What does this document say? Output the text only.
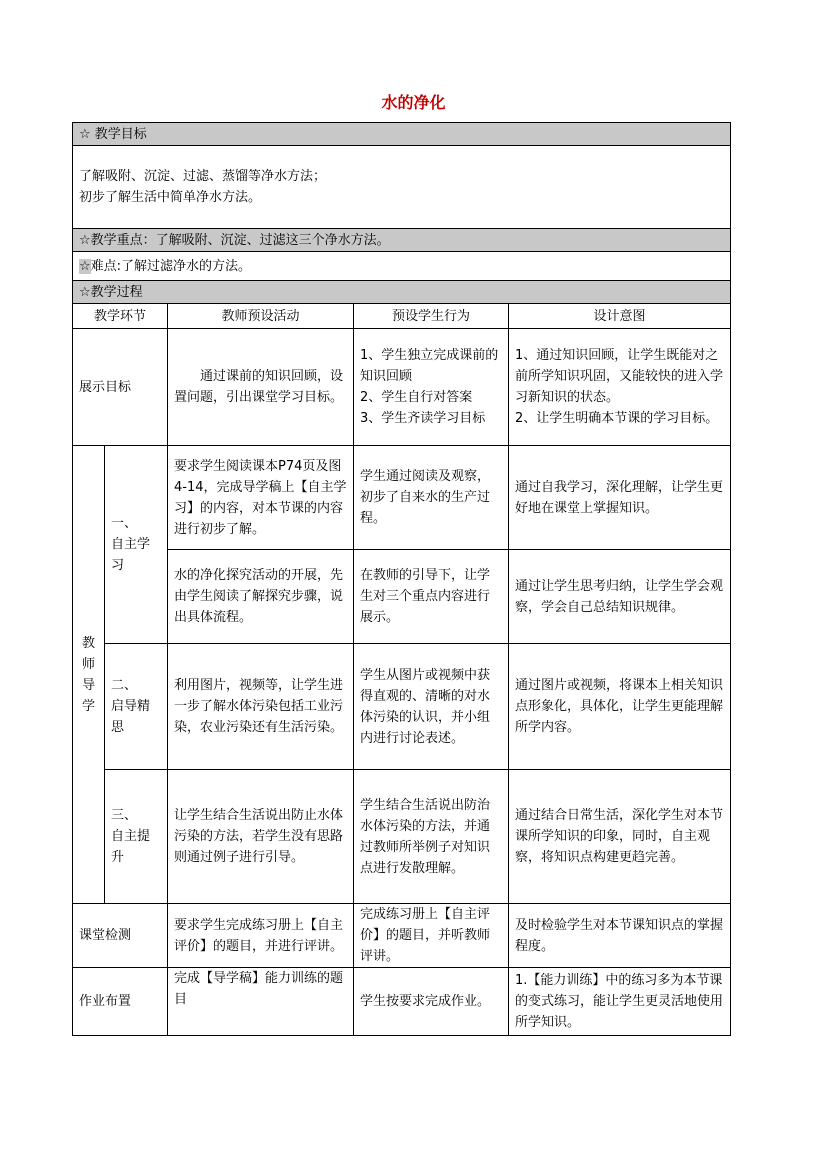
水的净化
☆ 教学目标				

了解吸附、沉淀、过滤、蒸馏等净水方法；
初步了解生活中简单净水方法。				

☆教学重点：了解吸附、沉淀、过滤这三个净水方法。				
☆难点:了解过滤净水的方法。				
☆教学过程				
教学环节		教师预设活动	预设学生行为	设计意图
展示目标		通过课前的知识回顾，设置问题，引出课堂学习目标。	1、学生独立完成课前的知识回顾
2、学生自行对答案
3、学生齐读学习目标	1、通过知识回顾，让学生既能对之前所学知识巩固，又能较快的进入学习新知识的状态。
2、让学生明确本节课的学习目标。

教师导学	一、
自主学习	要求学生阅读课本P74页及图4-14，完成导学稿上【自主学习】的内容，对本节课的内容进行初步了解。	学生通过阅读及观察，初步了自来水的生产过程。	通过自我学习，深化理解，让学生更好地在课堂上掌握知识。
		水的净化探究活动的开展，先由学生阅读了解探究步骤，说出具体流程。	在教师的引导下，让学生对三个重点内容进行展示。	通过让学生思考归纳，让学生学会观察，学会自己总结知识规律。
	二、
启导精思	利用图片，视频等，让学生进一步了解水体污染包括工业污染，农业污染还有生活污染。	学生从图片或视频中获得直观的、清晰的对水体污染的认识，并小组内进行讨论表述。	通过图片或视频，将课本上相关知识点形象化，具体化，让学生更能理解所学内容。
	三、
自主提升	让学生结合生活说出防止水体污染的方法，若学生没有思路则通过例子进行引导。	学生结合生活说出防治水体污染的方法，并通过教师所举例子对知识点进行发散理解。	通过结合日常生活，深化学生对本节课所学知识的印象，同时，自主观察，将知识点构建更趋完善。
课堂检测		要求学生完成练习册上【自主评价】的题目，并进行评讲。	完成练习册上【自主评价】的题目，并听教师评讲。	及时检验学生对本节课知识点的掌握程度。
作业布置		完成【导学稿】能力训练的题目	学生按要求完成作业。	1.【能力训练】中的练习多为本节课的变式练习，能让学生更灵活地使用所学知识。
